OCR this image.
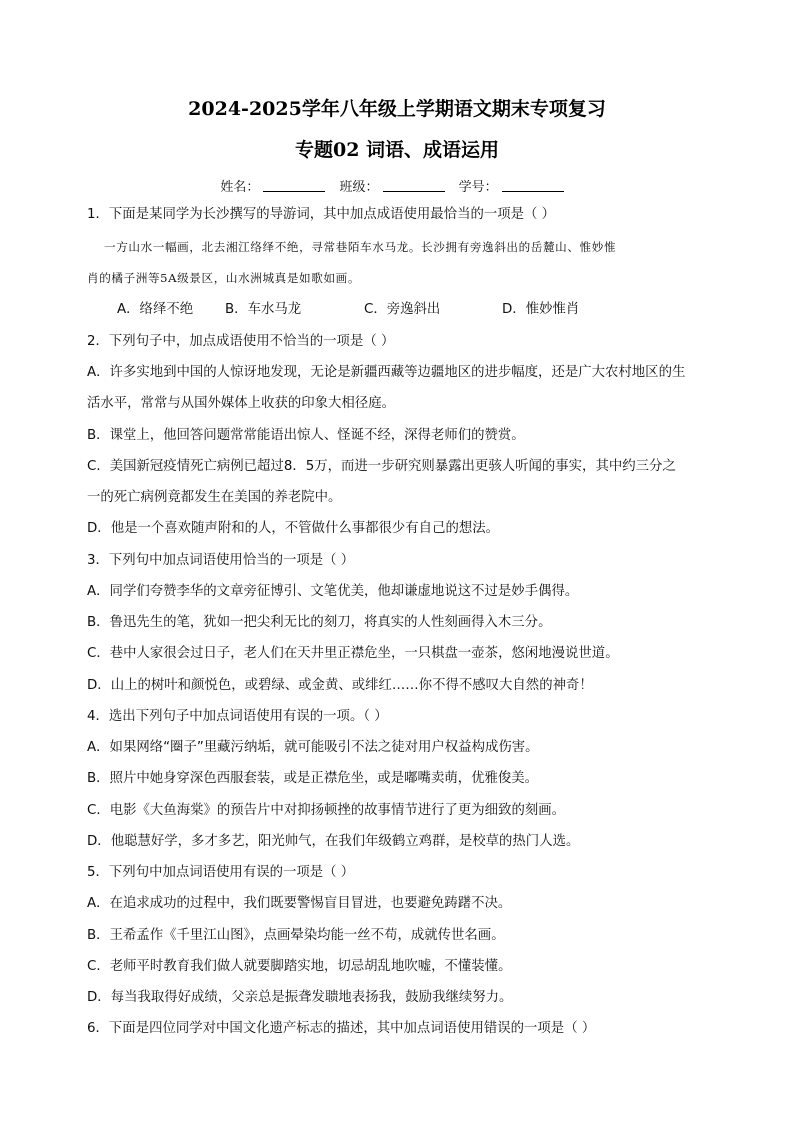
2024-2025学年八年级上学期语文期末专项复习
专题02 词语、成语运用
姓名：	班级：	学号：
1．下面是某同学为长沙撰写的导游词，其中加点成语使用最恰当的一项是（ ）
一方山水一幅画，北去湘江络绎不绝，寻常巷陌车水马龙。长沙拥有旁逸斜出的岳麓山、惟妙惟
肖的橘子洲等5A级景区，山水洲城真是如歌如画。
A．络绎不绝 B．车水马龙	C．旁逸斜出	D．惟妙惟肖
2．下列句子中，加点成语使用不恰当的一项是（ ）
A．许多实地到中国的人惊讶地发现，无论是新疆西藏等边疆地区的进步幅度，还是广大农村地区的生
活水平，常常与从国外媒体上收获的印象大相径庭。
B．课堂上，他回答问题常常能语出惊人、怪诞不经，深得老师们的赞赏。
C．美国新冠疫情死亡病例已超过8．5万，而进一步研究则暴露出更骇人听闻的事实，其中约三分之
一的死亡病例竟都发生在美国的养老院中。
D．他是一个喜欢随声附和的人，不管做什么事都很少有自己的想法。
3．下列句中加点词语使用恰当的一项是（ ）
A．同学们夸赞李华的文章旁征博引、文笔优美，他却谦虚地说这不过是妙手偶得。
B．鲁迅先生的笔，犹如一把尖利无比的刻刀，将真实的人性刻画得入木三分。
C．巷中人家很会过日子，老人们在天井里正襟危坐，一只棋盘一壶茶，悠闲地漫说世道。
D．山上的树叶和颜悦色，或碧绿、或金黄、或绯红……你不得不感叹大自然的神奇！
4．选出下列句子中加点词语使用有误的一项。（ ）
A．如果网络“圈子”里藏污纳垢，就可能吸引不法之徒对用户权益构成伤害。
B．照片中她身穿深色西服套装，或是正襟危坐，或是嘟嘴卖萌，优雅俊美。
C．电影《大鱼海棠》的预告片中对抑扬顿挫的故事情节进行了更为细致的刻画。
D．他聪慧好学，多才多艺，阳光帅气，在我们年级鹤立鸡群，是校草的热门人选。
5．下列句中加点词语使用有误的一项是（ ）
A．在追求成功的过程中，我们既要警惕盲目冒进，也要避免踌躇不决。
B．王希孟作《千里江山图》，点画晕染均能一丝不苟，成就传世名画。
C．老师平时教育我们做人就要脚踏实地，切忌胡乱地吹嘘，不懂装懂。
D．每当我取得好成绩，父亲总是振聋发聩地表扬我，鼓励我继续努力。
6．下面是四位同学对中国文化遗产标志的描述，其中加点词语使用错误的一项是（ ）
